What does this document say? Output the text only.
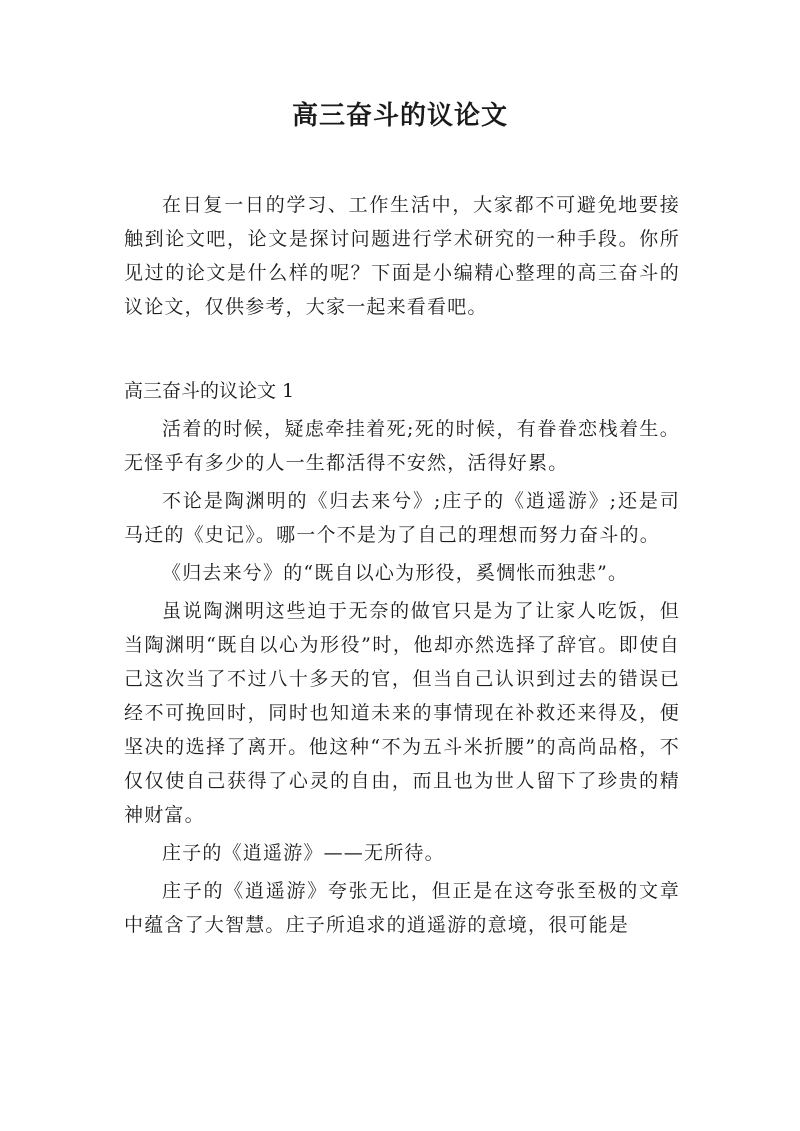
高三奋斗的议论文

在日复一日的学习、工作生活中，大家都不可避免地要接触到论文吧，论文是探讨问题进行学术研究的一种手段。你所见过的论文是什么样的呢？下面是小编精心整理的高三奋斗的议论文，仅供参考，大家一起来看看吧。

高三奋斗的议论文 1

活着的时候，疑虑牵挂着死;死的时候，有眷眷恋栈着生。无怪乎有多少的人一生都活得不安然，活得好累。

不论是陶渊明的《归去来兮》;庄子的《逍遥游》;还是司马迁的《史记》。哪一个不是为了自己的理想而努力奋斗的。

《归去来兮》的“既自以心为形役，奚惆怅而独悲”。

虽说陶渊明这些迫于无奈的做官只是为了让家人吃饭，但当陶渊明“既自以心为形役”时，他却亦然选择了辞官。即使自己这次当了不过八十多天的官，但当自己认识到过去的错误已经不可挽回时，同时也知道未来的事情现在补救还来得及，便坚决的选择了离开。他这种“不为五斗米折腰”的高尚品格，不仅仅使自己获得了心灵的自由，而且也为世人留下了珍贵的精神财富。

庄子的《逍遥游》——无所待。

庄子的《逍遥游》夸张无比，但正是在这夸张至极的文章中蕴含了大智慧。庄子所追求的逍遥游的意境，很可能是
